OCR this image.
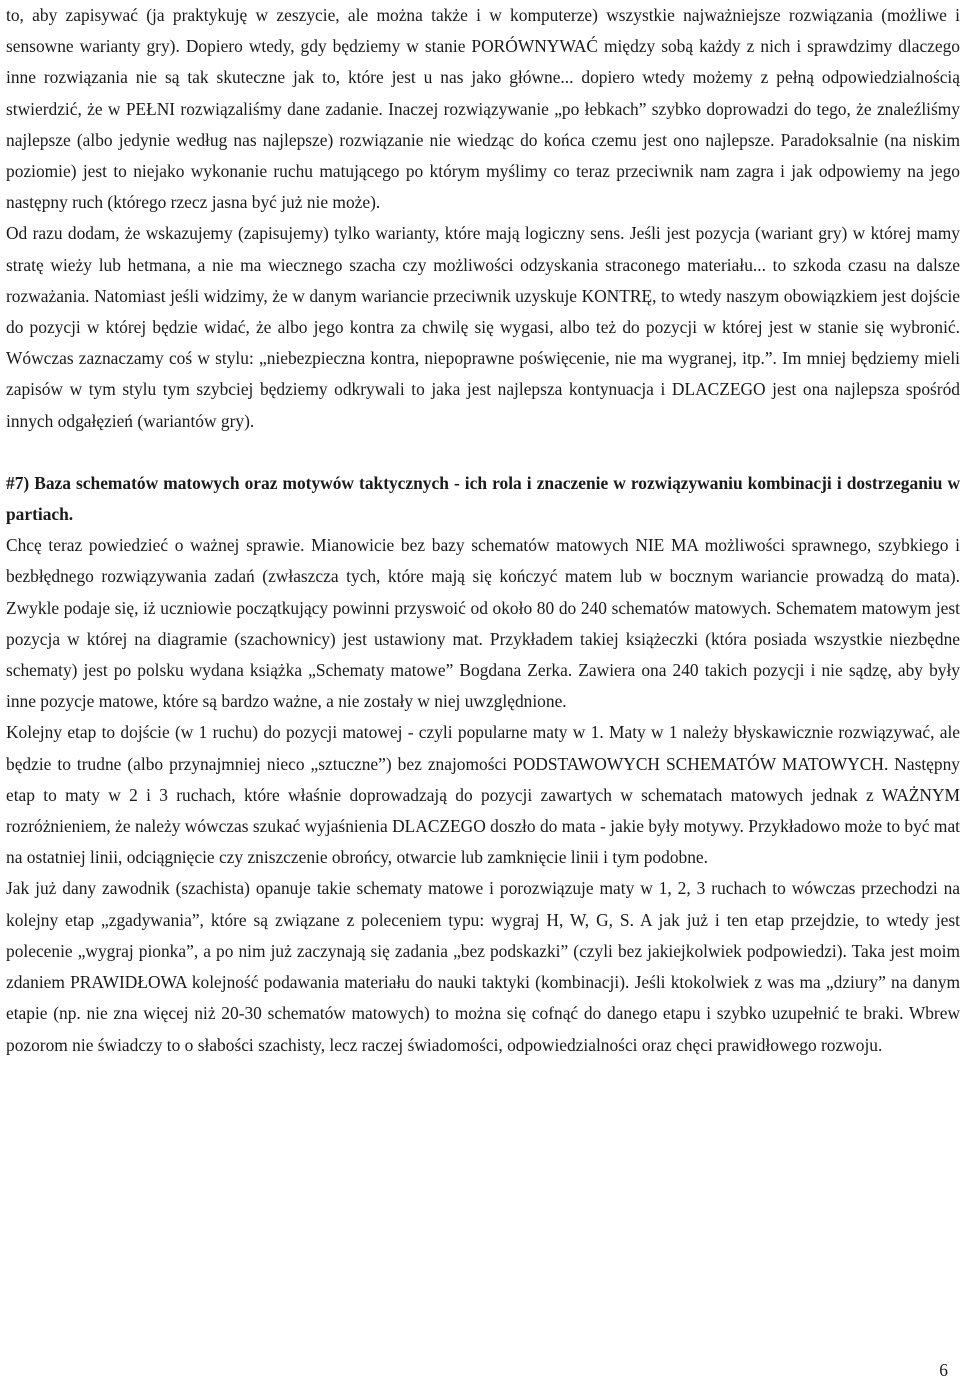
to, aby zapisywać (ja praktykuję w zeszycie, ale można także i w komputerze) wszystkie najważniejsze rozwiązania (możliwe i sensowne warianty gry). Dopiero wtedy, gdy będziemy w stanie PORÓWNYWAĆ między sobą każdy z nich i sprawdzimy dlaczego inne rozwiązania nie są tak skuteczne jak to, które jest u nas jako główne... dopiero wtedy możemy z pełną odpowiedzialnością stwierdzić, że w PEŁNI rozwiązaliśmy dane zadanie. Inaczej rozwiązywanie „po łebkach” szybko doprowadzi do tego, że znaleźliśmy najlepsze (albo jedynie według nas najlepsze) rozwiązanie nie wiedząc do końca czemu jest ono najlepsze. Paradoksalnie (na niskim poziomie) jest to niejako wykonanie ruchu matującego po którym myślimy co teraz przeciwnik nam zagra i jak odpowiemy na jego następny ruch (którego rzecz jasna być już nie może).

Od razu dodam, że wskazujemy (zapisujemy) tylko warianty, które mają logiczny sens. Jeśli jest pozycja (wariant gry) w której mamy stratę wieży lub hetmana, a nie ma wiecznego szacha czy możliwości odzyskania straconego materiału... to szkoda czasu na dalsze rozważania. Natomiast jeśli widzimy, że w danym wariancie przeciwnik uzyskuje KONTRĘ, to wtedy naszym obowiązkiem jest dojście do pozycji w której będzie widać, że albo jego kontra za chwilę się wygasi, albo też do pozycji w której jest w stanie się wybronić. Wówczas zaznaczamy coś w stylu: „niebezpieczna kontra, niepoprawne poświęcenie, nie ma wygranej, itp.”. Im mniej będziemy mieli zapisów w tym stylu tym szybciej będziemy odkrywali to jaka jest najlepsza kontynuacja i DLACZEGO jest ona najlepsza spośród innych odgałęzień (wariantów gry).

#7) Baza schematów matowych oraz motywów taktycznych - ich rola i znaczenie w rozwiązywaniu kombinacji i dostrzeganiu w partiach.

Chcę teraz powiedzieć o ważnej sprawie. Mianowicie bez bazy schematów matowych NIE MA możliwości sprawnego, szybkiego i bezbłędnego rozwiązywania zadań (zwłaszcza tych, które mają się kończyć matem lub w bocznym wariancie prowadzą do mata). Zwykle podaje się, iż uczniowie początkujący powinni przyswoić od około 80 do 240 schematów matowych. Schematem matowym jest pozycja w której na diagramie (szachownicy) jest ustawiony mat. Przykładem takiej książeczki (która posiada wszystkie niezbędne schematy) jest po polsku wydana książka „Schematy matowe” Bogdana Zerka. Zawiera ona 240 takich pozycji i nie sądzę, aby były inne pozycje matowe, które są bardzo ważne, a nie zostały w niej uwzględnione.

Kolejny etap to dojście (w 1 ruchu) do pozycji matowej - czyli popularne maty w 1. Maty w 1 należy błyskawicznie rozwiązywać, ale będzie to trudne (albo przynajmniej nieco „sztuczne”) bez znajomości PODSTAWOWYCH SCHEMATÓW MATOWYCH. Następny etap to maty w 2 i 3 ruchach, które właśnie doprowadzają do pozycji zawartych w schematach matowych jednak z WAŻNYM rozróżnieniem, że należy wówczas szukać wyjaśnienia DLACZEGO doszło do mata - jakie były motywy. Przykładowo może to być mat na ostatniej linii, odciągnięcie czy zniszczenie obrońcy, otwarcie lub zamknięcie linii i tym podobne.

Jak już dany zawodnik (szachista) opanuje takie schematy matowe i porozwiązuje maty w 1, 2, 3 ruchach to wówczas przechodzi na kolejny etap „zgadywania”, które są związane z poleceniem typu: wygraj H, W, G, S. A jak już i ten etap przejdzie, to wtedy jest polecenie „wygraj pionka”, a po nim już zaczynają się zadania „bez podskazki” (czyli bez jakiejkolwiek podpowiedzi). Taka jest moim zdaniem PRAWIDŁOWA kolejność podawania materiału do nauki taktyki (kombinacji). Jeśli ktokolwiek z was ma „dziury” na danym etapie (np. nie zna więcej niż 20-30 schematów matowych) to można się cofnąć do danego etapu i szybko uzupełnić te braki. Wbrew pozorom nie świadczy to o słabości szachisty, lecz raczej świadomości, odpowiedzialności oraz chęci prawidłowego rozwoju.

6
